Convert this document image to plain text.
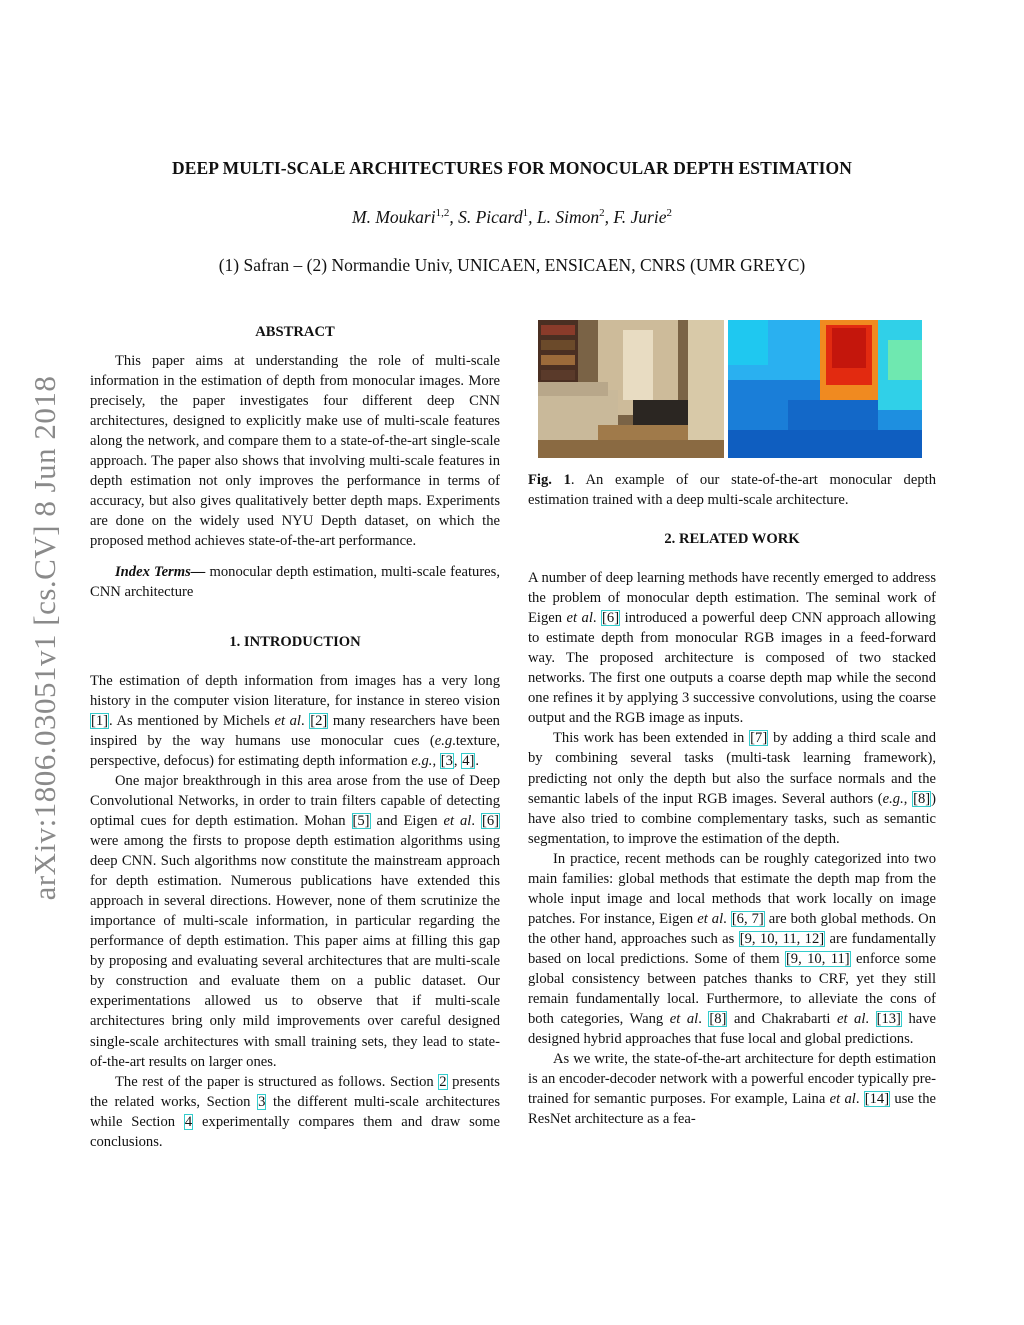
arXiv:1806.03051v1 [cs.CV] 8 Jun 2018
DEEP MULTI-SCALE ARCHITECTURES FOR MONOCULAR DEPTH ESTIMATION
M. Moukari$^{1,2}$, S. Picard$^1$, L. Simon$^2$, F. Jurie$^2$
(1) Safran – (2) Normandie Univ, UNICAEN, ENSICAEN, CNRS (UMR GREYC)

ABSTRACT

This paper aims at understanding the role of multi-scale information in the estimation of depth from monocular images. More precisely, the paper investigates four different deep CNN architectures, designed to explicitly make use of multi-scale features along the network, and compare them to a state-of-the-art single-scale approach. The paper also shows that involving multi-scale features in depth estimation not only improves the performance in terms of accuracy, but also gives qualitatively better depth maps. Experiments are done on the widely used NYU Depth dataset, on which the proposed method achieves state-of-the-art performance.

Index Terms— monocular depth estimation, multi-scale features, CNN architecture

1. INTRODUCTION

The estimation of depth information from images has a very long history in the computer vision literature, for instance in stereo vision [1]. As mentioned by Michels et al. [2] many researchers have been inspired by the way humans use monocular cues (e.g.texture, perspective, defocus) for estimating depth information e.g., [3, 4].

One major breakthrough in this area arose from the use of Deep Convolutional Networks, in order to train filters capable of detecting optimal cues for depth estimation. Mohan [5] and Eigen et al. [6] were among the firsts to propose depth estimation algorithms using deep CNN. Such algorithms now constitute the mainstream approach for depth estimation. Numerous publications have extended this approach in several directions. However, none of them scrutinize the importance of multi-scale information, in particular regarding the performance of depth estimation. This paper aims at filling this gap by proposing and evaluating several architectures that are multi-scale by construction and evaluate them on a public dataset. Our experimentations allowed us to observe that if multi-scale architectures bring only mild improvements over careful designed single-scale architectures with small training sets, they lead to state-of-the-art results on larger ones.

The rest of the paper is structured as follows. Section 2 presents the related works, Section 3 the different multi-scale architectures while Section 4 experimentally compares them and draw some conclusions.

Fig. 1. An example of our state-of-the-art monocular depth estimation trained with a deep multi-scale architecture.

2. RELATED WORK

A number of deep learning methods have recently emerged to address the problem of monocular depth estimation. The seminal work of Eigen et al. [6] introduced a powerful deep CNN approach allowing to estimate depth from monocular RGB images in a feed-forward way. The proposed architecture is composed of two stacked networks. The first one outputs a coarse depth map while the second one refines it by applying 3 successive convolutions, using the coarse output and the RGB image as inputs.

This work has been extended in [7] by adding a third scale and by combining several tasks (multi-task learning framework), predicting not only the depth but also the surface normals and the semantic labels of the input RGB images. Several authors (e.g., [8]) have also tried to combine complementary tasks, such as semantic segmentation, to improve the estimation of the depth.

In practice, recent methods can be roughly categorized into two main families: global methods that estimate the depth map from the whole input image and local methods that work locally on image patches. For instance, Eigen et al. [6, 7] are both global methods. On the other hand, approaches such as [9, 10, 11, 12] are fundamentally based on local predictions. Some of them [9, 10, 11] enforce some global consistency between patches thanks to CRF, yet they still remain fundamentally local. Furthermore, to alleviate the cons of both categories, Wang et al. [8] and Chakrabarti et al. [13] have designed hybrid approaches that fuse local and global predictions.

As we write, the state-of-the-art architecture for depth estimation is an encoder-decoder network with a powerful encoder typically pre-trained for semantic purposes. For example, Laina et al. [14] use the ResNet architecture as a fea-
